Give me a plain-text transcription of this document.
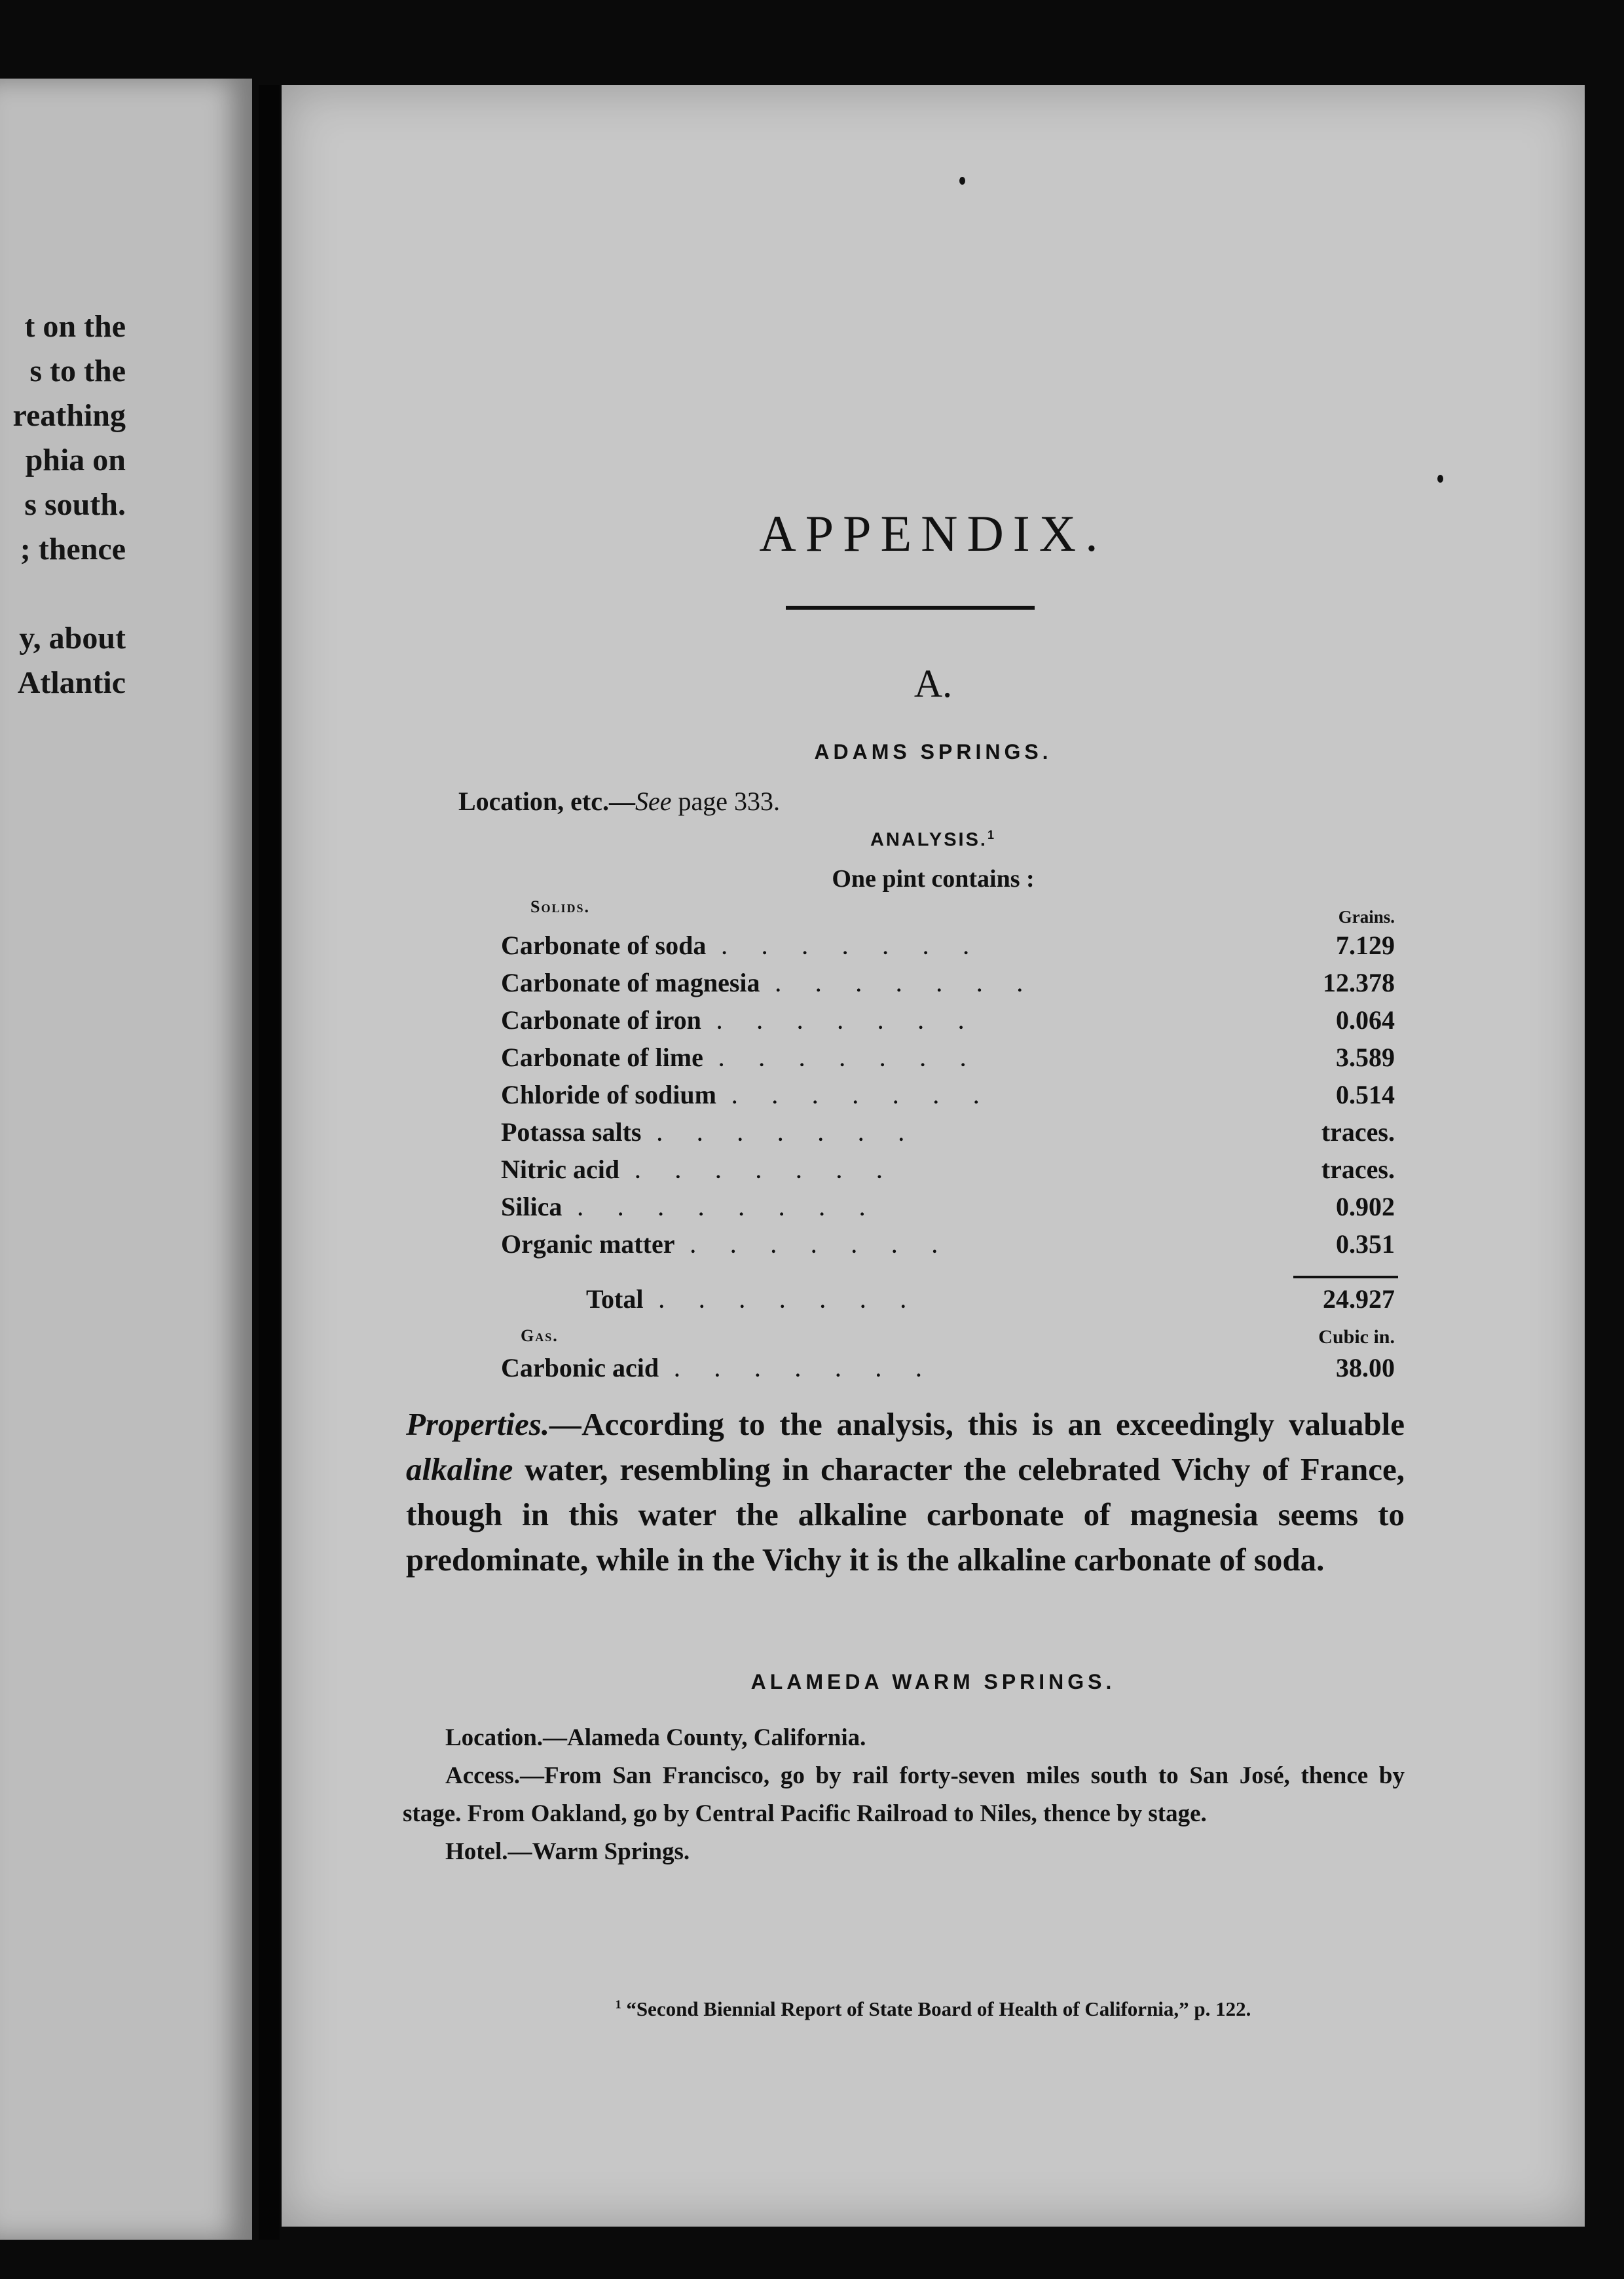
t on the
s to the
reathing
phia on
s south.
; thence

y, about
Atlantic
APPENDIX.
A.
ADAMS SPRINGS.
Location, etc.—See page 333.
ANALYSIS.$^1$
One pint contains :
Solids.
Grains.
Carbonate of soda .......	7.129
Carbonate of magnesia .......	12.378
Carbonate of iron .......	0.064
Carbonate of lime .......	3.589
Chloride of sodium .......	0.514
Potassa salts .......	traces.
Nitric acid .......	traces.
Silica ........	0.902
Organic matter .......	0.351
Total .......	24.927
Gas.	Cubic in.
Carbonic acid .......	38.00
Properties.—According to the analysis, this is an exceedingly valuable alkaline water, resembling in character the celebrated Vichy of France, though in this water the alkaline carbonate of magnesia seems to predominate, while in the Vichy it is the alkaline carbonate of soda.
ALAMEDA WARM SPRINGS.

Location.—Alameda County, California.

Access.—From San Francisco, go by rail forty-seven miles south to San José, thence by stage. From Oakland, go by Central Pacific Railroad to Niles, thence by stage.

Hotel.—Warm Springs.

$^1$ “Second Biennial Report of State Board of Health of California,” p. 122.
